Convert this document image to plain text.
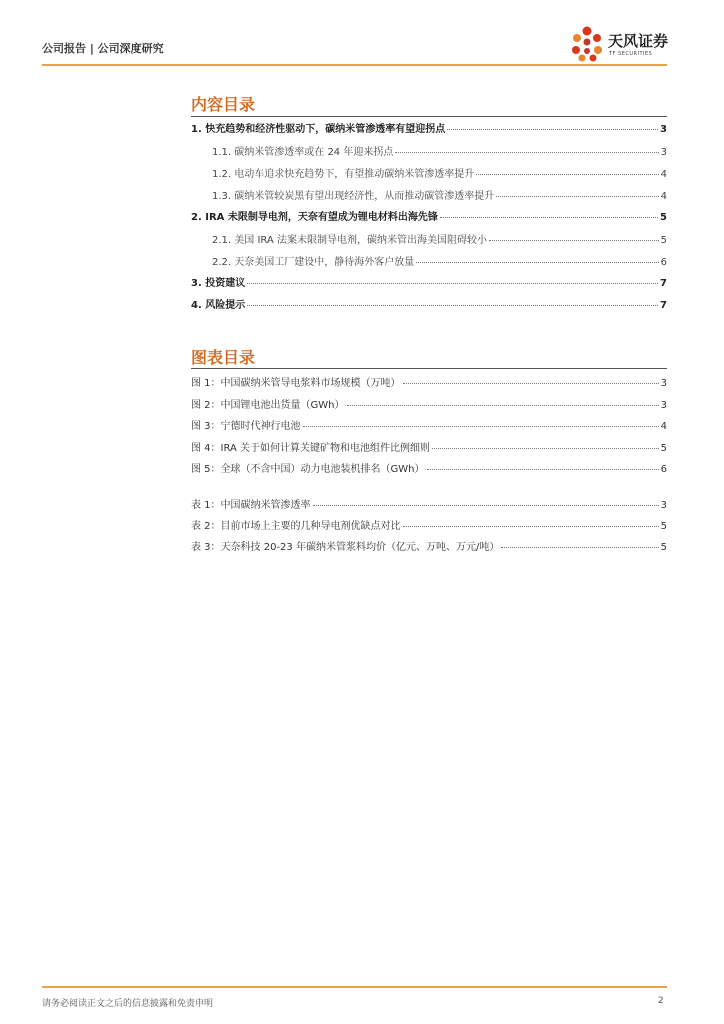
公司报告 | 公司深度研究	天风证券
TF SECURITIES
内容目录
1. 快充趋势和经济性驱动下，碳纳米管渗透率有望迎拐点	3
1.1. 碳纳米管渗透率或在 24 年迎来拐点	3
1.2. 电动车追求快充趋势下，有望推动碳纳米管渗透率提升	4
1.3. 碳纳米管较炭黑有望出现经济性，从而推动碳管渗透率提升	4
2. IRA 未限制导电剂，天奈有望成为锂电材料出海先锋	5
2.1. 美国 IRA 法案未限制导电剂，碳纳米管出海美国阻碍较小	5
2.2. 天奈美国工厂建设中，静待海外客户放量	6
3. 投资建议	7
4. 风险提示	7
图表目录
图 1：中国碳纳米管导电浆料市场规模（万吨）	3
图 2：中国锂电池出货量（GWh）	3
图 3：宁德时代神行电池	4
图 4：IRA 关于如何计算关键矿物和电池组件比例细则	5
图 5：全球（不含中国）动力电池装机排名（GWh）	6
表 1：中国碳纳米管渗透率	3
表 2：目前市场上主要的几种导电剂优缺点对比	5
表 3：天奈科技 20-23 年碳纳米管浆料均价（亿元、万吨、万元/吨）	5
请务必阅读正文之后的信息披露和免责申明	2
